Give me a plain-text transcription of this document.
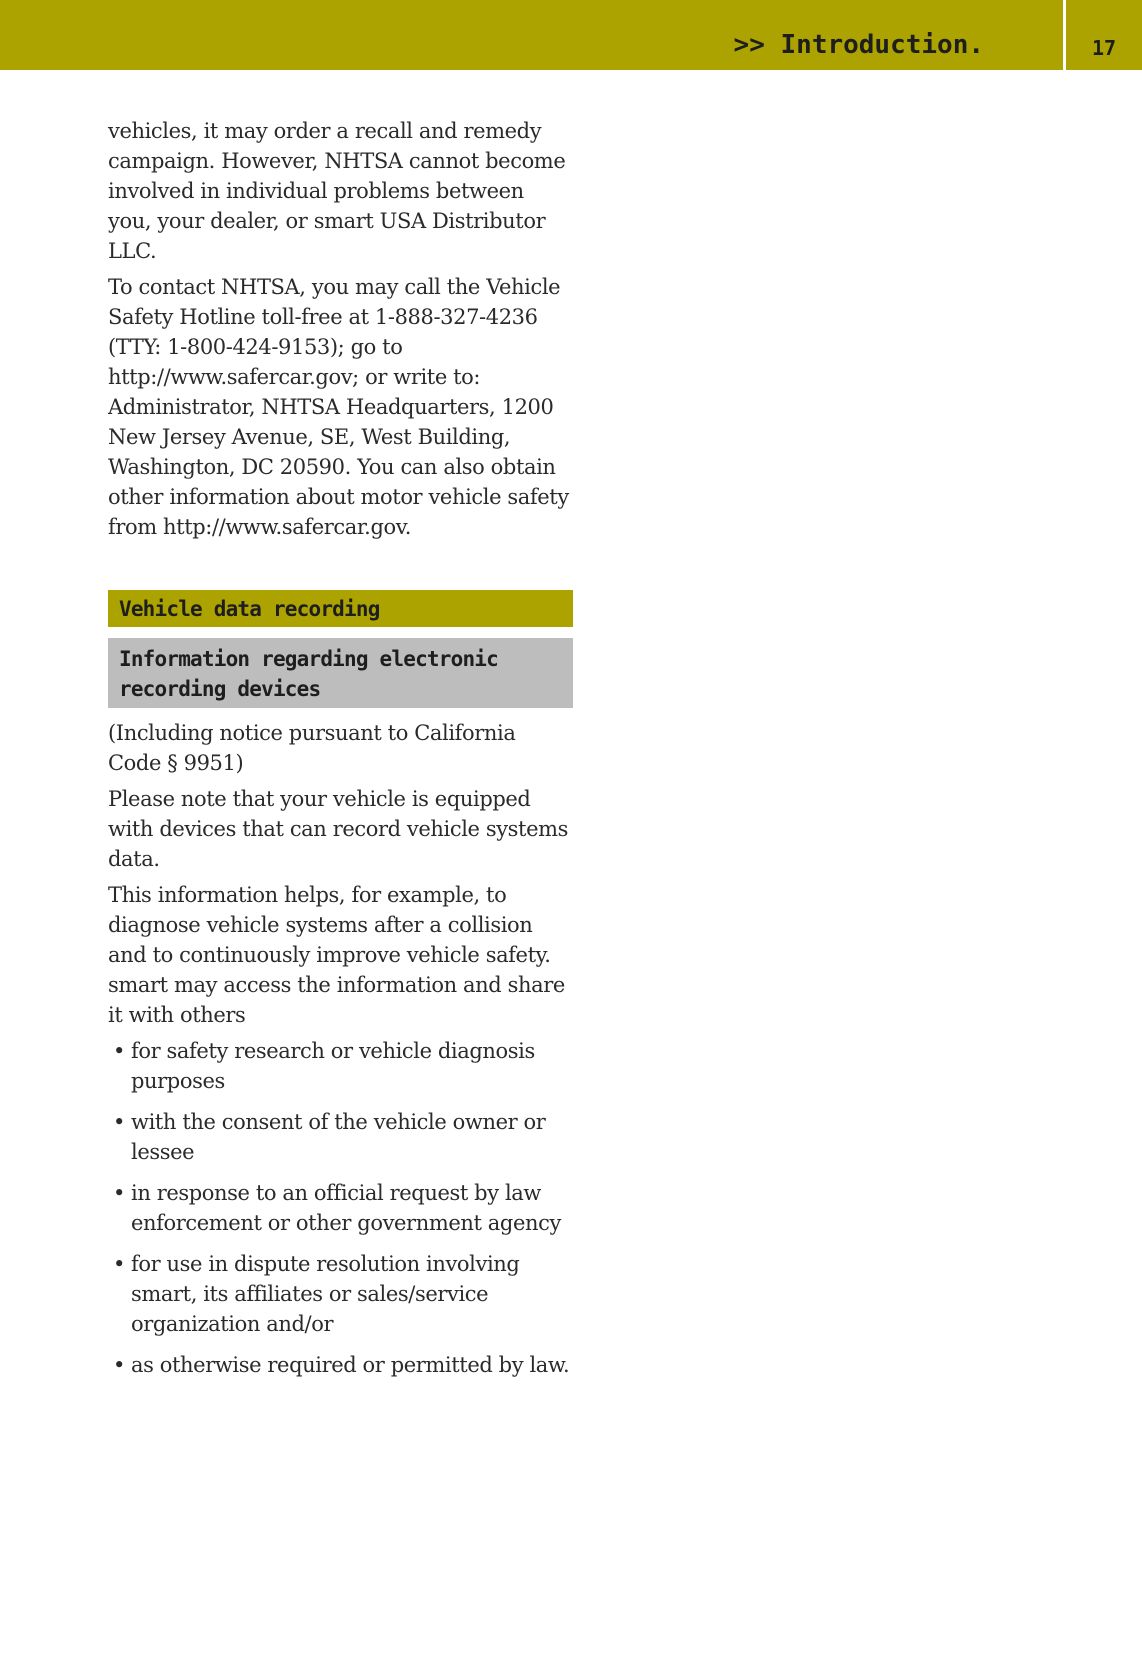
>> Introduction.	17

vehicles, it may order a recall and remedy campaign. However, NHTSA cannot become involved in individual problems between you, your dealer, or smart USA Distributor LLC.

To contact NHTSA, you may call the Vehicle Safety Hotline toll-free at 1-888-327-4236 (TTY: 1-800-424-9153); go to http://www.safercar.gov; or write to: Administrator, NHTSA Headquarters, 1200 New Jersey Avenue, SE, West Building, Washington, DC 20590. You can also obtain other information about motor vehicle safety from http://www.safercar.gov.

Vehicle data recording
Information regarding electronic recording devices

(Including notice pursuant to California Code § 9951)

Please note that your vehicle is equipped with devices that can record vehicle systems data.

This information helps, for example, to diagnose vehicle systems after a collision and to continuously improve vehicle safety.

smart may access the information and share it with others

• for safety research or vehicle diagnosis purposes
• with the consent of the vehicle owner or lessee
• in response to an official request by law enforcement or other government agency
• for use in dispute resolution involving smart, its affiliates or sales/service organization and/or
• as otherwise required or permitted by law.
